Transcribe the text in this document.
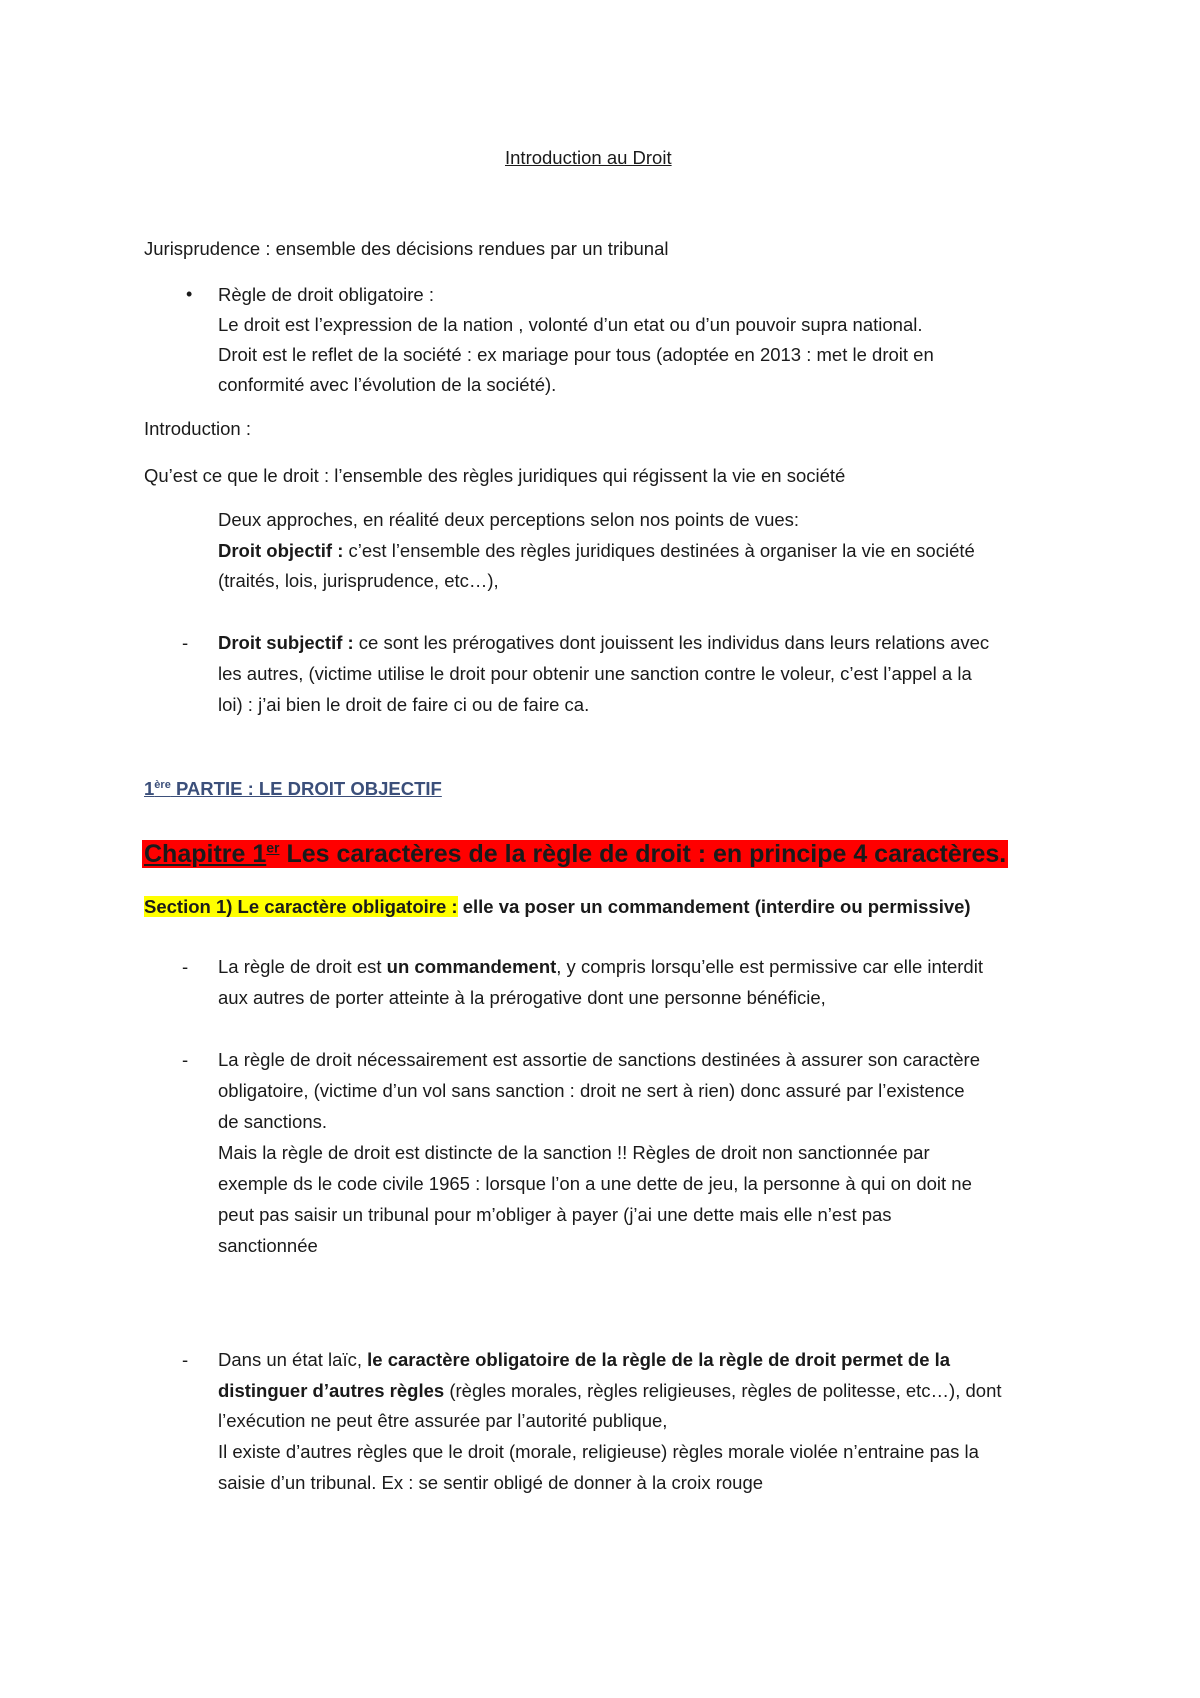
Introduction au Droit
Jurisprudence : ensemble des décisions rendues par un tribunal
• Règle de droit obligatoire :
Le droit est l’expression de la nation , volonté d’un etat ou d’un pouvoir supra national.
Droit est le reflet de la société : ex mariage pour tous (adoptée en 2013 : met le droit en
conformité avec l’évolution de la société).
Introduction :
Qu’est ce que le droit : l’ensemble des règles juridiques qui régissent la vie en société
Deux approches, en réalité deux perceptions selon nos points de vues:
Droit objectif : c’est l’ensemble des règles juridiques destinées à organiser la vie en société
(traités, lois, jurisprudence, etc…),
- Droit subjectif : ce sont les prérogatives dont jouissent les individus dans leurs relations avec
les autres, (victime utilise le droit pour obtenir une sanction contre le voleur, c’est l’appel a la
loi) : j’ai bien le droit de faire ci ou de faire ca.
1ère PARTIE : LE DROIT OBJECTIF
Chapitre 1er Les caractères de la règle de droit : en principe 4 caractères.
Section 1) Le caractère obligatoire : elle va poser un commandement (interdire ou permissive)
- La règle de droit est un commandement, y compris lorsqu’elle est permissive car elle interdit
aux autres de porter atteinte à la prérogative dont une personne bénéficie,
- La règle de droit nécessairement est assortie de sanctions destinées à assurer son caractère
obligatoire, (victime d’un vol sans sanction : droit ne sert à rien) donc assuré par l’existence
de sanctions.
Mais la règle de droit est distincte de la sanction !! Règles de droit non sanctionnée par
exemple ds le code civile 1965 : lorsque l’on a une dette de jeu, la personne à qui on doit ne
peut pas saisir un tribunal pour m’obliger à payer (j’ai une dette mais elle n’est pas
sanctionnée
- Dans un état laïc, le caractère obligatoire de la règle de la règle de droit permet de la
distinguer d’autres règles (règles morales, règles religieuses, règles de politesse, etc…), dont
l’exécution ne peut être assurée par l’autorité publique,
Il existe d’autres règles que le droit (morale, religieuse) règles morale violée n’entraine pas la
saisie d’un tribunal. Ex : se sentir obligé de donner à la croix rouge
